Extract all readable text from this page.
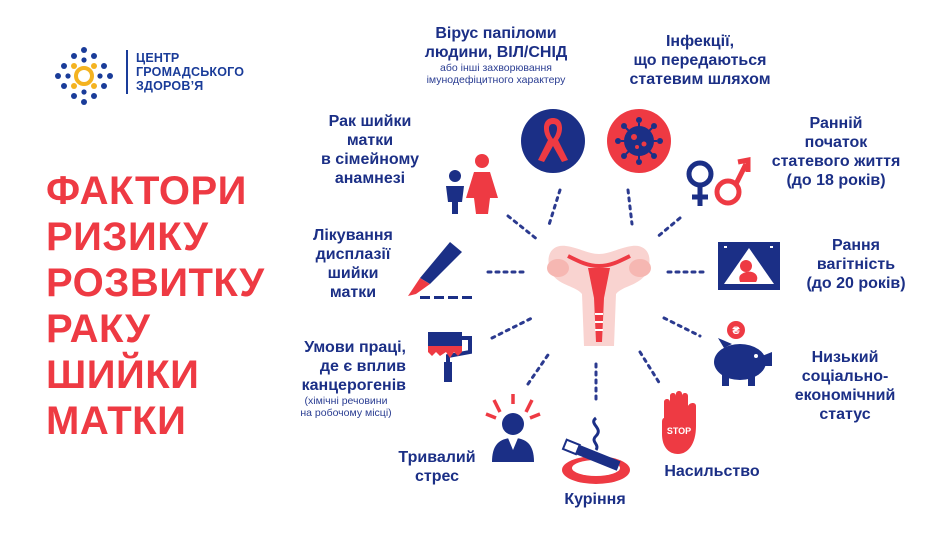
ЦЕНТР
ГРОМАДСЬКОГО
ЗДОРОВ’Я
ФАКТОРИ
РИЗИКУ
РОЗВИТКУ
РАКУ
ШИЙКИ
МАТКИ
Вірус папіломи
людини, ВІЛ/СНІД
або інші захворювання
імунодефіцитного характеру
Інфекції,
що передаються
статевим шляхом
Рак шийки
матки
в сімейному
анамнезі
Ранній
початок
статевого життя
(до 18 років)
Лікування
дисплазії
шийки
матки
Рання
вагітність
(до 20 років)
Умови праці,
де є вплив
канцерогенів
(хімічні речовини
на робочому місці)
Низький
соціально-
економічний
статус
₴
Тривалий
стрес
Куріння
Насильство
STOP
